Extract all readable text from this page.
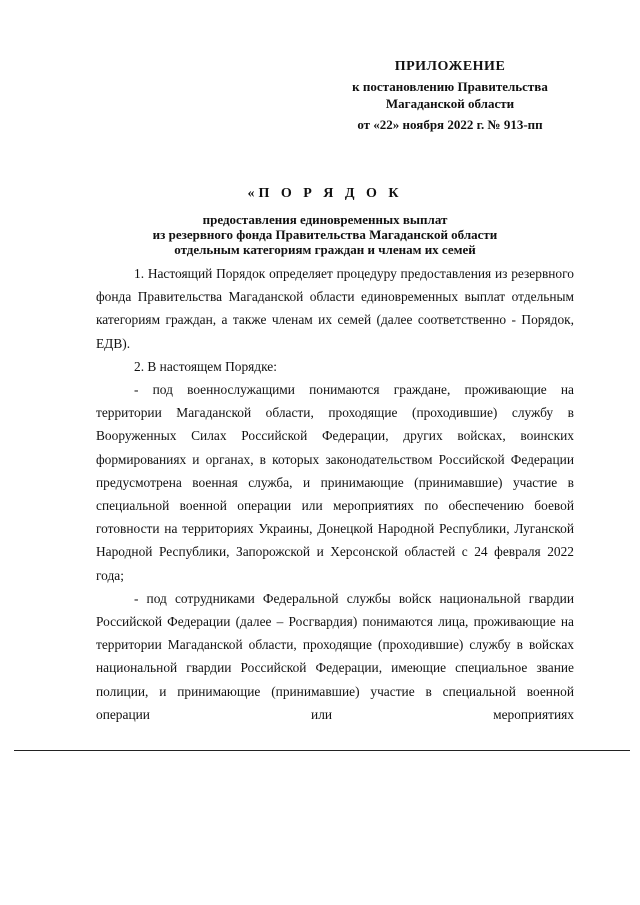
ПРИЛОЖЕНИЕ
к постановлению Правительства
Магаданской области
от «22» ноября 2022 г. № 913-пп
«П О Р Я Д О К
предоставления единовременных выплат
из резервного фонда Правительства Магаданской области
отдельным категориям граждан и членам их семей

1. Настоящий Порядок определяет процедуру предоставления из резервного фонда Правительства Магаданской области единовременных выплат отдельным категориям граждан, а также членам их семей (далее соответственно - Порядок, ЕДВ).

2. В настоящем Порядке:

- под военнослужащими понимаются граждане, проживающие на территории Магаданской области, проходящие (проходившие) службу в Вооруженных Силах Российской Федерации, других войсках, воинских формированиях и органах, в которых законодательством Российской Федерации предусмотрена военная служба, и принимающие (принимавшие) участие в специальной военной операции или мероприятиях по обеспечению боевой готовности на территориях Украины, Донецкой Народной Республики, Луганской Народной Республики, Запорожской и Херсонской областей с 24 февраля 2022 года;

- под сотрудниками Федеральной службы войск национальной гвардии Российской Федерации (далее – Росгвардия) понимаются лица, проживающие на территории Магаданской области, проходящие (проходившие) службу в войсках национальной гвардии Российской Федерации, имеющие специальное звание полиции, и принимающие (принимавшие) участие в специальной военной операции или мероприятиях
